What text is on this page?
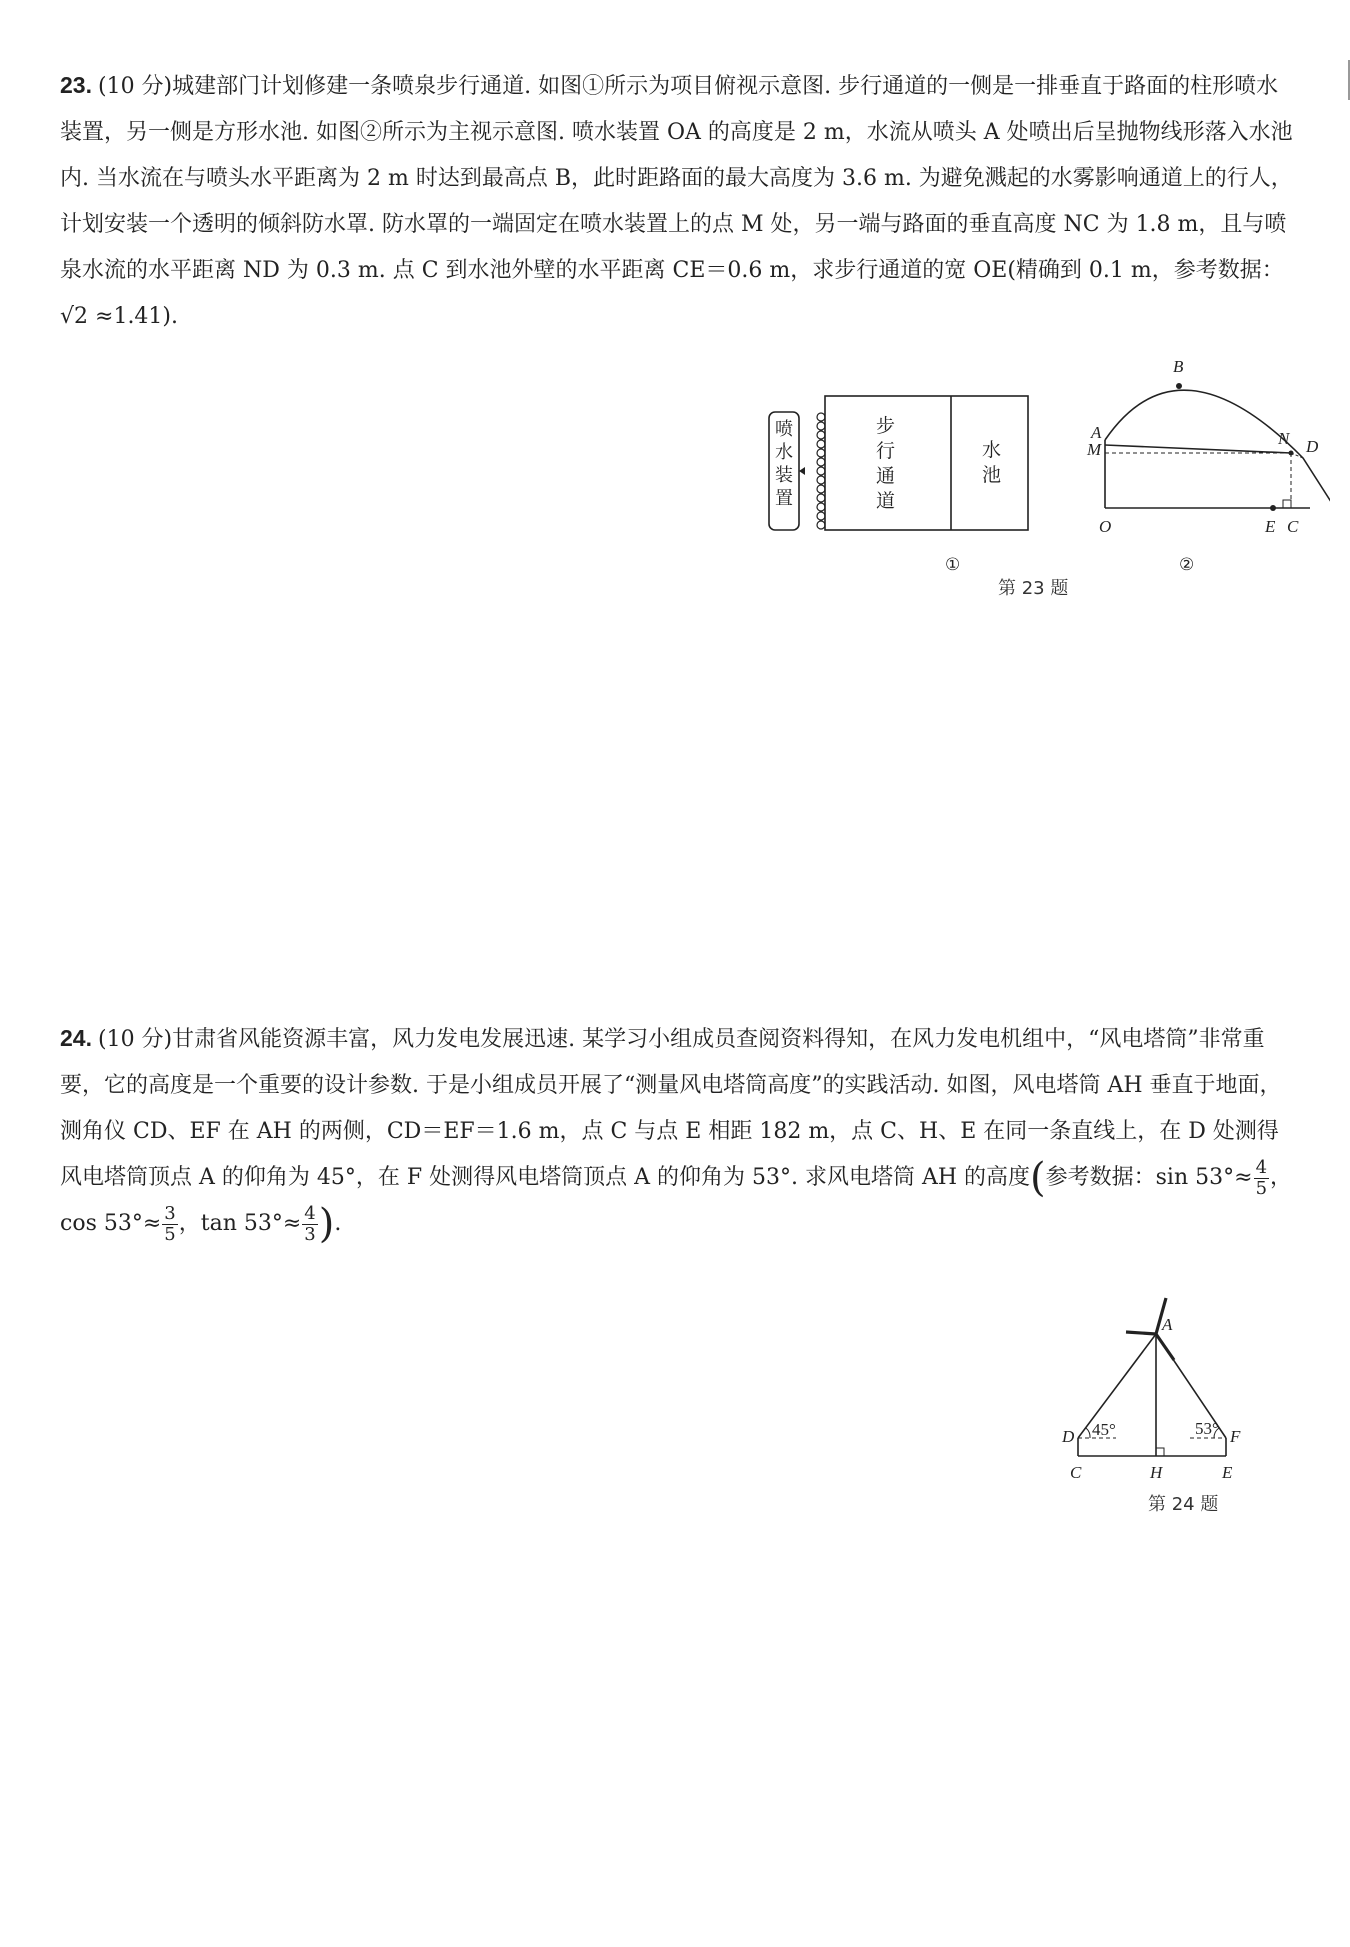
23. (10 分)城建部门计划修建一条喷泉步行通道. 如图①所示为项目俯视示意图. 步行通道的一侧是一排垂直于路面的柱形喷水装置，另一侧是方形水池. 如图②所示为主视示意图. 喷水装置 OA 的高度是 2 m，水流从喷头 A 处喷出后呈抛物线形落入水池内. 当水流在与喷头水平距离为 2 m 时达到最高点 B，此时距路面的最大高度为 3.6 m. 为避免溅起的水雾影响通道上的行人，计划安装一个透明的倾斜防水罩. 防水罩的一端固定在喷水装置上的点 M 处，另一端与路面的垂直高度 NC 为 1.8 m，且与喷泉水流的水平距离 ND 为 0.3 m. 点 C 到水池外壁的水平距离 CE＝0.6 m，求步行通道的宽 OE(精确到 0.1 m，参考数据：√2 ≈1.41).

①
喷水装置
步行通道
水池
B
A
M
N D
O	E C
②
第 23 题

24. (10 分)甘肃省风能资源丰富，风力发电发展迅速. 某学习小组成员查阅资料得知，在风力发电机组中，“风电塔筒”非常重要，它的高度是一个重要的设计参数. 于是小组成员开展了“测量风电塔筒高度”的实践活动. 如图，风电塔筒 AH 垂直于地面，测角仪 CD、EF 在 AH 的两侧，CD＝EF＝1.6 m，点 C 与点 E 相距 182 m，点 C、H、E 在同一条直线上，在 D 处测得风电塔筒顶点 A 的仰角为 45°，在 F 处测得风电塔筒顶点 A 的仰角为 53°. 求风电塔筒 AH 的高度(参考数据：$\sin 53^\circ\approx \frac{4}{5}$ ，$\cos 53^\circ\approx \frac{3}{5}$ ，$\tan 53^\circ\approx \frac{4}{3}$ ).

A
D	F
C	H	E
45°	53°
第 24 题
